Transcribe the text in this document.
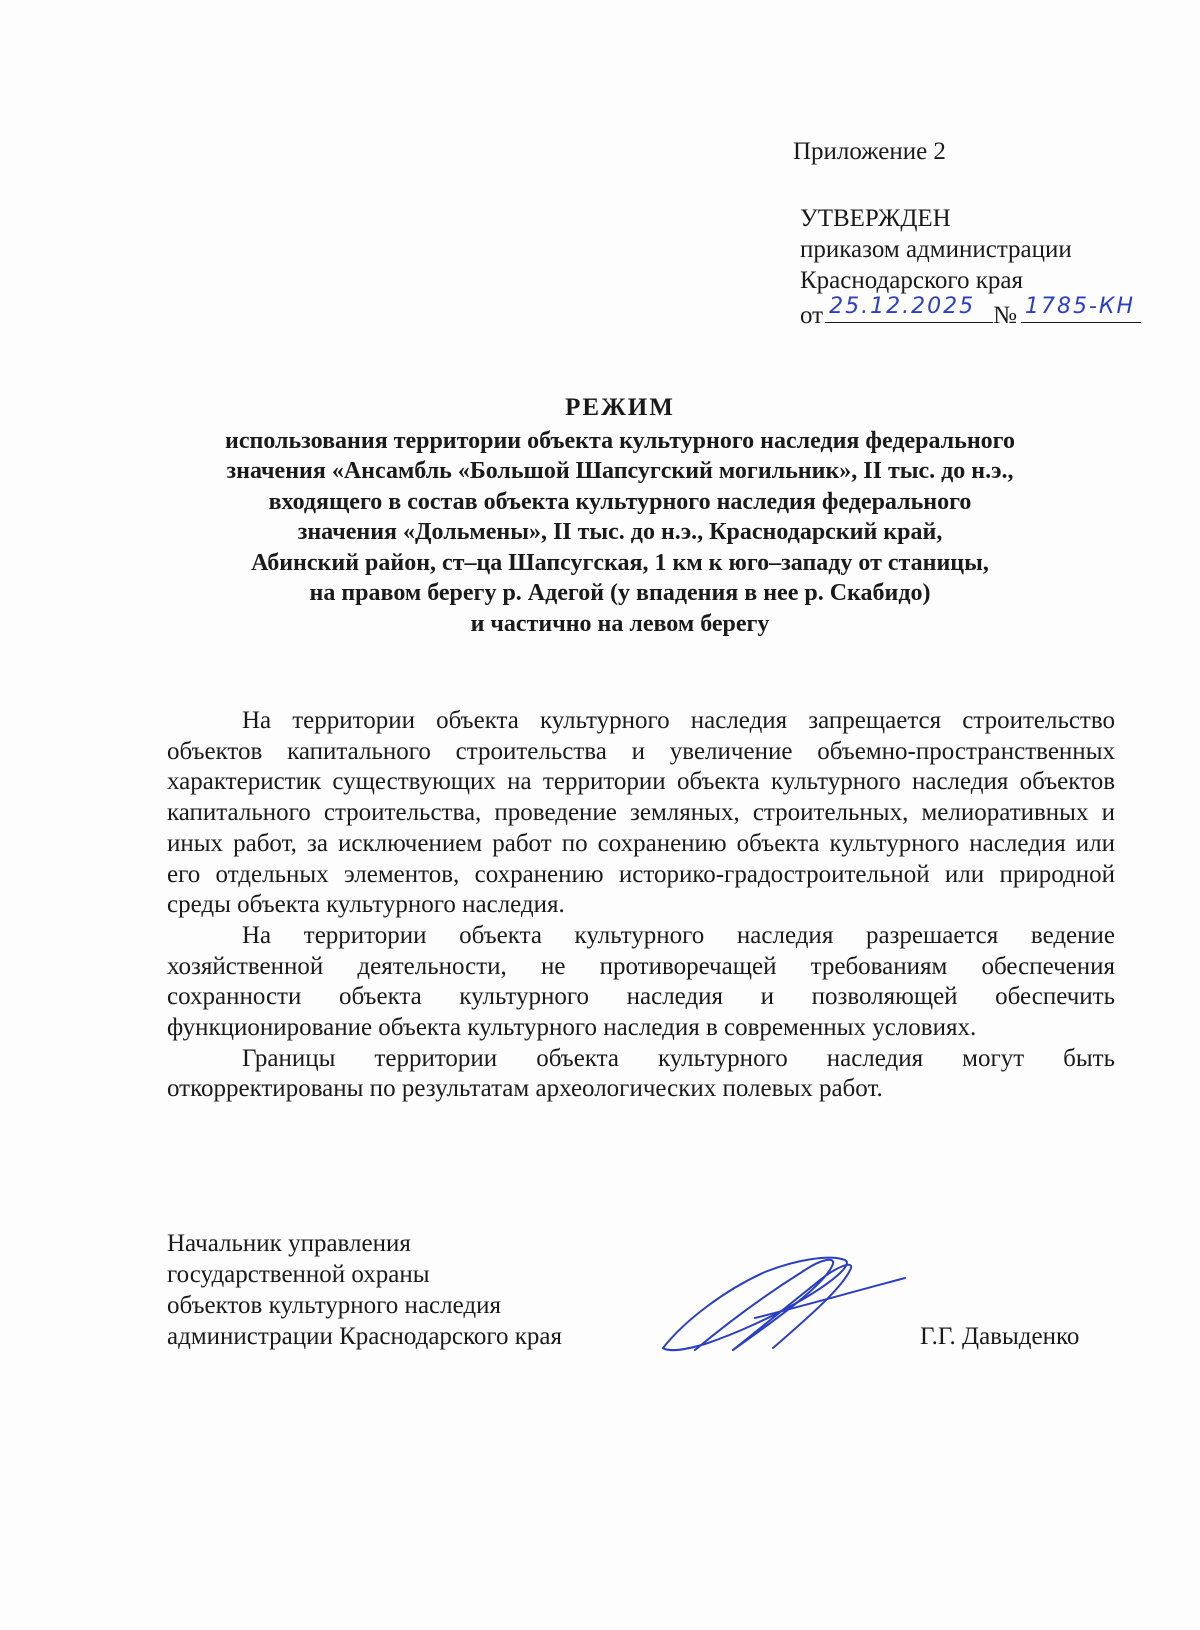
Приложение 2
УТВЕРЖДЕН
приказом администрации
Краснодарского края
от 25.12.2025 № 1785-КН
РЕЖИМ
использования территории объекта культурного наследия федерального
значения «Ансамбль «Большой Шапсугский могильник», II тыс. до н.э.,
входящего в состав объекта культурного наследия федерального
значения «Дольмены», II тыс. до н.э., Краснодарский край,
Абинский район, ст–ца Шапсугская, 1 км к юго–западу от станицы,
на правом берегу р. Адегой (у впадения в нее р. Скабидо)
и частично на левом берегу

На территории объекта культурного наследия запрещается строительство объектов капитального строительства и увеличение объемно-пространственных характеристик существующих на территории объекта культурного наследия объектов капитального строительства, проведение земляных, строительных, мелиоративных и иных работ, за исключением работ по сохранению объекта культурного наследия или его отдельных элементов, сохранению историко-градостроительной или природной среды объекта культурного наследия.

На территории объекта культурного наследия разрешается ведение хозяйственной деятельности, не противоречащей требованиям обеспечения сохранности объекта культурного наследия и позволяющей обеспечить функционирование объекта культурного наследия в современных условиях.

Границы территории объекта культурного наследия могут быть откорректированы по результатам археологических полевых работ.

Начальник управления
государственной охраны
объектов культурного наследия
администрации Краснодарского края	Г.Г. Давыденко
